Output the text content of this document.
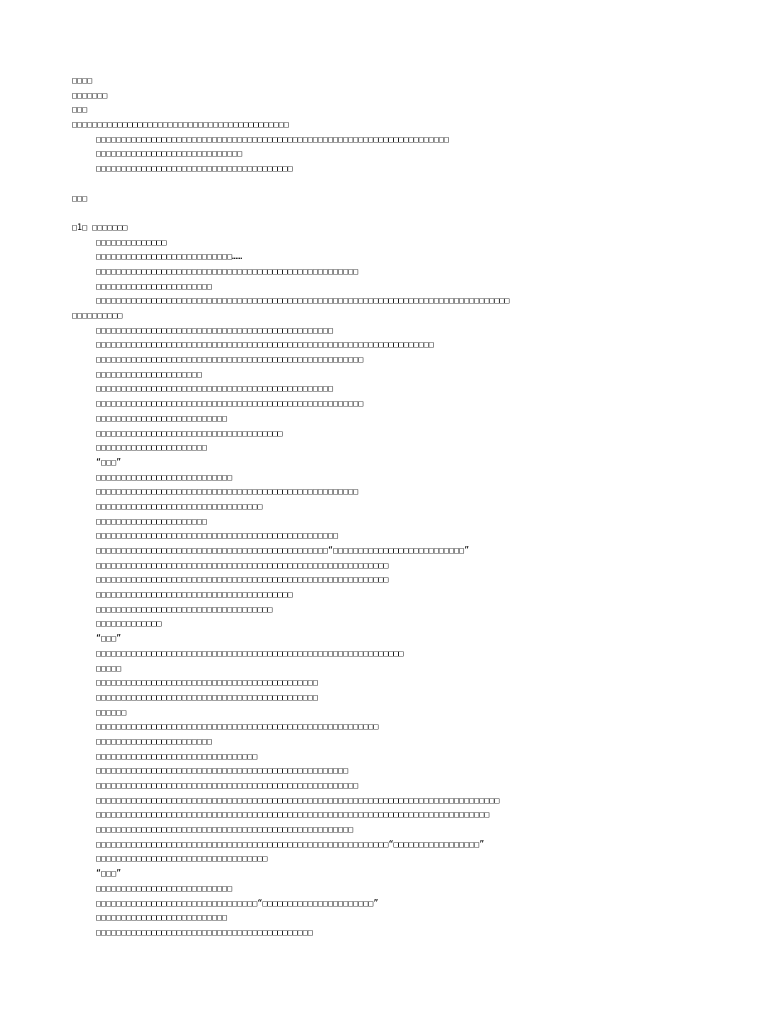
□□□□
□□□□□□□
□□□
□□□□□□□□□□□□□□□□□□□□□□□□□□□□□□□□□□□□□□□□□□□
□□□□□□□□□□□□□□□□□□□□□□□□□□□□□□□□□□□□□□□□□□□□□□□□□□□□□□□□□□□□□□□□□□□□□□
□□□□□□□□□□□□□□□□□□□□□□□□□□□□□
□□□□□□□□□□□□□□□□□□□□□□□□□□□□□□□□□□□□□□□
□□□
□1□ □□□□□□□
□□□□□□□□□□□□□□
□□□□□□□□□□□□□□□□□□□□□□□□□□□……
□□□□□□□□□□□□□□□□□□□□□□□□□□□□□□□□□□□□□□□□□□□□□□□□□□□□
□□□□□□□□□□□□□□□□□□□□□□□
□□□□□□□□□□□□□□□□□□□□□□□□□□□□□□□□□□□□□□□□□□□□□□□□□□□□□□□□□□□□□□□□□□□□□□□□□□□□□□□□□□
□□□□□□□□□□
□□□□□□□□□□□□□□□□□□□□□□□□□□□□□□□□□□□□□□□□□□□□□□□
□□□□□□□□□□□□□□□□□□□□□□□□□□□□□□□□□□□□□□□□□□□□□□□□□□□□□□□□□□□□□□□□□□□
□□□□□□□□□□□□□□□□□□□□□□□□□□□□□□□□□□□□□□□□□□□□□□□□□□□□□
□□□□□□□□□□□□□□□□□□□□□
□□□□□□□□□□□□□□□□□□□□□□□□□□□□□□□□□□□□□□□□□□□□□□□
□□□□□□□□□□□□□□□□□□□□□□□□□□□□□□□□□□□□□□□□□□□□□□□□□□□□□
□□□□□□□□□□□□□□□□□□□□□□□□□□
□□□□□□□□□□□□□□□□□□□□□□□□□□□□□□□□□□□□□
□□□□□□□□□□□□□□□□□□□□□□
“□□□”
□□□□□□□□□□□□□□□□□□□□□□□□□□□
□□□□□□□□□□□□□□□□□□□□□□□□□□□□□□□□□□□□□□□□□□□□□□□□□□□□
□□□□□□□□□□□□□□□□□□□□□□□□□□□□□□□□□
□□□□□□□□□□□□□□□□□□□□□□
□□□□□□□□□□□□□□□□□□□□□□□□□□□□□□□□□□□□□□□□□□□□□□□□
□□□□□□□□□□□□□□□□□□□□□□□□□□□□□□□□□□□□□□□□□□□□□□“□□□□□□□□□□□□□□□□□□□□□□□□□□”
□□□□□□□□□□□□□□□□□□□□□□□□□□□□□□□□□□□□□□□□□□□□□□□□□□□□□□□□□□
□□□□□□□□□□□□□□□□□□□□□□□□□□□□□□□□□□□□□□□□□□□□□□□□□□□□□□□□□□
□□□□□□□□□□□□□□□□□□□□□□□□□□□□□□□□□□□□□□□
□□□□□□□□□□□□□□□□□□□□□□□□□□□□□□□□□□□
□□□□□□□□□□□□□
“□□□”
□□□□□□□□□□□□□□□□□□□□□□□□□□□□□□□□□□□□□□□□□□□□□□□□□□□□□□□□□□□□□
□□□□□
□□□□□□□□□□□□□□□□□□□□□□□□□□□□□□□□□□□□□□□□□□□□
□□□□□□□□□□□□□□□□□□□□□□□□□□□□□□□□□□□□□□□□□□□□
□□□□□□
□□□□□□□□□□□□□□□□□□□□□□□□□□□□□□□□□□□□□□□□□□□□□□□□□□□□□□□□
□□□□□□□□□□□□□□□□□□□□□□□
□□□□□□□□□□□□□□□□□□□□□□□□□□□□□□□□
□□□□□□□□□□□□□□□□□□□□□□□□□□□□□□□□□□□□□□□□□□□□□□□□□□
□□□□□□□□□□□□□□□□□□□□□□□□□□□□□□□□□□□□□□□□□□□□□□□□□□□□
□□□□□□□□□□□□□□□□□□□□□□□□□□□□□□□□□□□□□□□□□□□□□□□□□□□□□□□□□□□□□□□□□□□□□□□□□□□□□□□□
□□□□□□□□□□□□□□□□□□□□□□□□□□□□□□□□□□□□□□□□□□□□□□□□□□□□□□□□□□□□□□□□□□□□□□□□□□□□□□
□□□□□□□□□□□□□□□□□□□□□□□□□□□□□□□□□□□□□□□□□□□□□□□□□□□
□□□□□□□□□□□□□□□□□□□□□□□□□□□□□□□□□□□□□□□□□□□□□□□□□□□□□□□□□□“□□□□□□□□□□□□□□□□□”
□□□□□□□□□□□□□□□□□□□□□□□□□□□□□□□□□□
“□□□”
□□□□□□□□□□□□□□□□□□□□□□□□□□□
□□□□□□□□□□□□□□□□□□□□□□□□□□□□□□□□“□□□□□□□□□□□□□□□□□□□□□□”
□□□□□□□□□□□□□□□□□□□□□□□□□□
□□□□□□□□□□□□□□□□□□□□□□□□□□□□□□□□□□□□□□□□□□□
